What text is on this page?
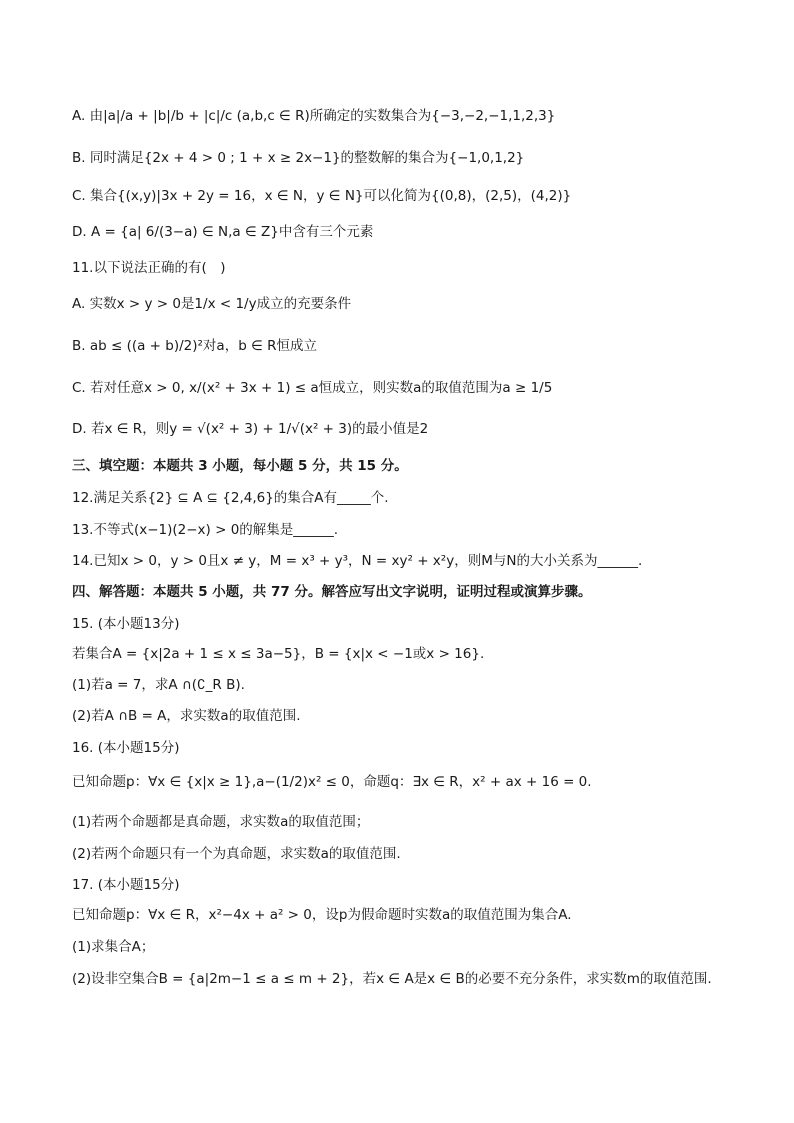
A. 由|a|/a + |b|/b + |c|/c (a,b,c ∈ R)所确定的实数集合为{−3,−2,−1,1,2,3}
B. 同时满足{2x + 4 > 0 ; 1 + x ≥ 2x−1}的整数解的集合为{−1,0,1,2}
C. 集合{(x,y)|3x + 2y = 16，x ∈ N，y ∈ N}可以化简为{(0,8)，(2,5)，(4,2)}
D. A = {a| 6/(3−a) ∈ N,a ∈ Z}中含有三个元素
11.以下说法正确的有(　)
A. 实数x > y > 0是1/x < 1/y成立的充要条件
B. ab ≤ ((a + b)/2)²对a，b ∈ R恒成立
C. 若对任意x > 0, x/(x² + 3x + 1) ≤ a恒成立，则实数a的取值范围为a ≥ 1/5
D. 若x ∈ R，则y = √(x² + 3) + 1/√(x² + 3)的最小值是2
三、填空题：本题共 3 小题，每小题 5 分，共 15 分。
12.满足关系{2} ⊆ A ⊆ {2,4,6}的集合A有_____个.
13.不等式(x−1)(2−x) > 0的解集是______.
14.已知x > 0，y > 0且x ≠ y，M = x³ + y³，N = xy² + x²y，则M与N的大小关系为______.
四、解答题：本题共 5 小题，共 77 分。解答应写出文字说明，证明过程或演算步骤。
15. (本小题13分)
若集合A = {x|2a + 1 ≤ x ≤ 3a−5}，B = {x|x < −1或x > 16}.
(1)若a = 7，求A ∩(∁_R B).
(2)若A ∩B = A，求实数a的取值范围.
16. (本小题15分)
已知命题p：∀x ∈ {x|x ≥ 1},a−(1/2)x² ≤ 0，命题q：∃x ∈ R，x² + ax + 16 = 0.
(1)若两个命题都是真命题，求实数a的取值范围；
(2)若两个命题只有一个为真命题，求实数a的取值范围.
17. (本小题15分)
已知命题p：∀x ∈ R，x²−4x + a² > 0，设p为假命题时实数a的取值范围为集合A.
(1)求集合A；
(2)设非空集合B = {a|2m−1 ≤ a ≤ m + 2}，若x ∈ A是x ∈ B的必要不充分条件，求实数m的取值范围.
